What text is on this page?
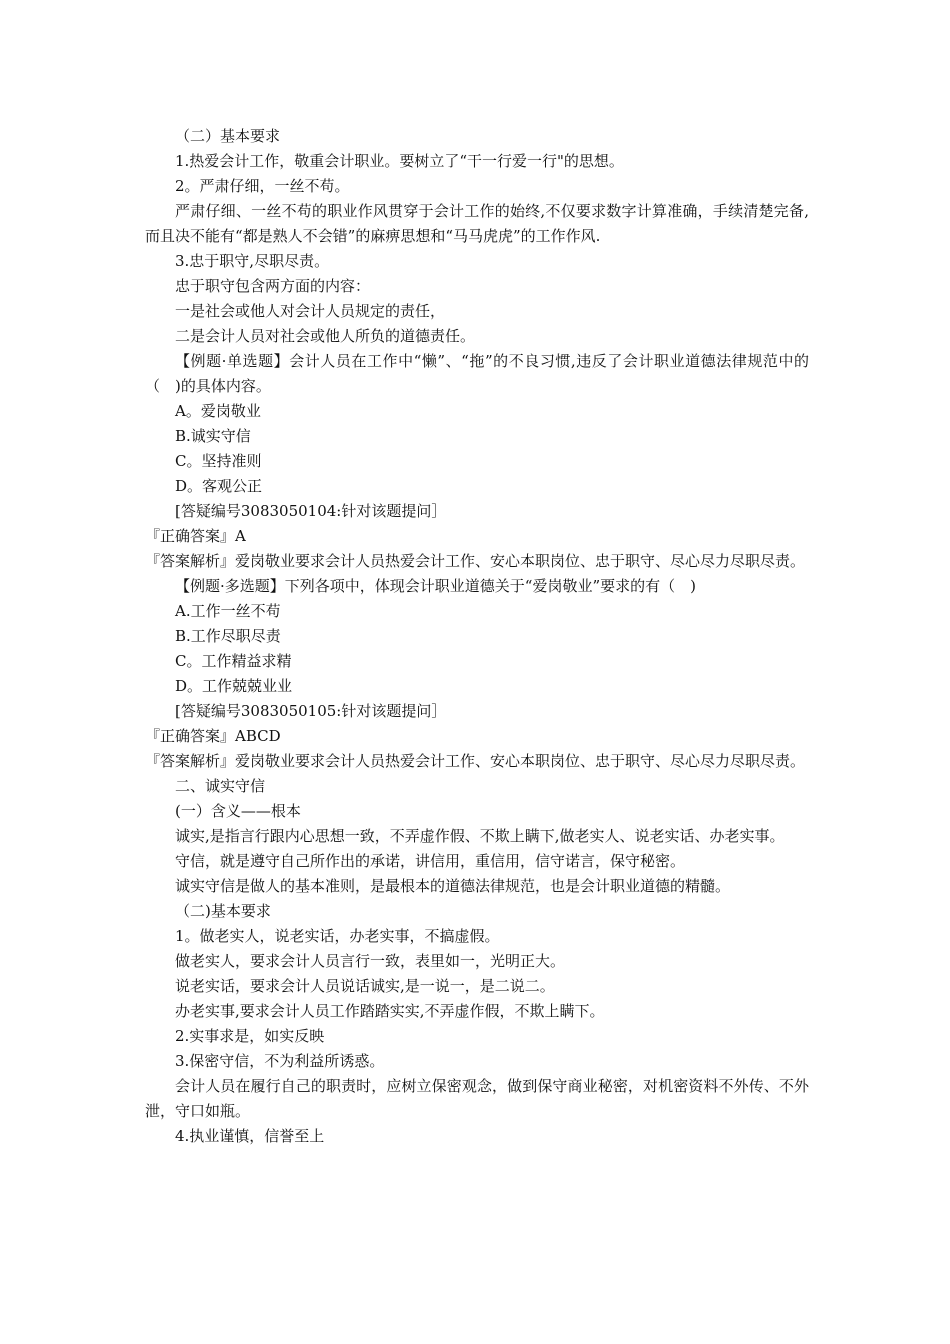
（二）基本要求

1.热爱会计工作，敬重会计职业。要树立了“干一行爱一行"的思想。

2。严肃仔细，一丝不苟。

严肃仔细、一丝不苟的职业作风贯穿于会计工作的始终,不仅要求数字计算准确，手续清楚完备,而且决不能有“都是熟人不会错”的麻痹思想和“马马虎虎”的工作作风.

3.忠于职守,尽职尽责。

忠于职守包含两方面的内容：

一是社会或他人对会计人员规定的责任，

二是会计人员对社会或他人所负的道德责任。

【例题·单选题】会计人员在工作中“懒”、“拖”的不良习惯,违反了会计职业道德法律规范中的（　)的具体内容。

A。爱岗敬业

B.诚实守信

C。坚持准则

D。客观公正

[答疑编号3083050104:针对该题提问］

『正确答案』A

『答案解析』爱岗敬业要求会计人员热爱会计工作、安心本职岗位、忠于职守、尽心尽力尽职尽责。

【例题·多选题】下列各项中，体现会计职业道德关于“爱岗敬业”要求的有（　)

A.工作一丝不苟

B.工作尽职尽责

C。工作精益求精

D。工作兢兢业业

[答疑编号3083050105:针对该题提问］

『正确答案』ABCD

『答案解析』爱岗敬业要求会计人员热爱会计工作、安心本职岗位、忠于职守、尽心尽力尽职尽责。

二、诚实守信

(一）含义——根本

诚实,是指言行跟内心思想一致，不弄虚作假、不欺上瞒下,做老实人、说老实话、办老实事。

守信，就是遵守自己所作出的承诺，讲信用，重信用，信守诺言，保守秘密。

诚实守信是做人的基本准则，是最根本的道德法律规范，也是会计职业道德的精髓。

（二)基本要求

1。做老实人，说老实话，办老实事，不搞虚假。

做老实人，要求会计人员言行一致，表里如一，光明正大。

说老实话，要求会计人员说话诚实,是一说一，是二说二。

办老实事,要求会计人员工作踏踏实实,不弄虚作假，不欺上瞒下。

2.实事求是，如实反映

3.保密守信，不为利益所诱惑。

会计人员在履行自己的职责时，应树立保密观念，做到保守商业秘密，对机密资料不外传、不外泄，守口如瓶。

4.执业谨慎，信誉至上
